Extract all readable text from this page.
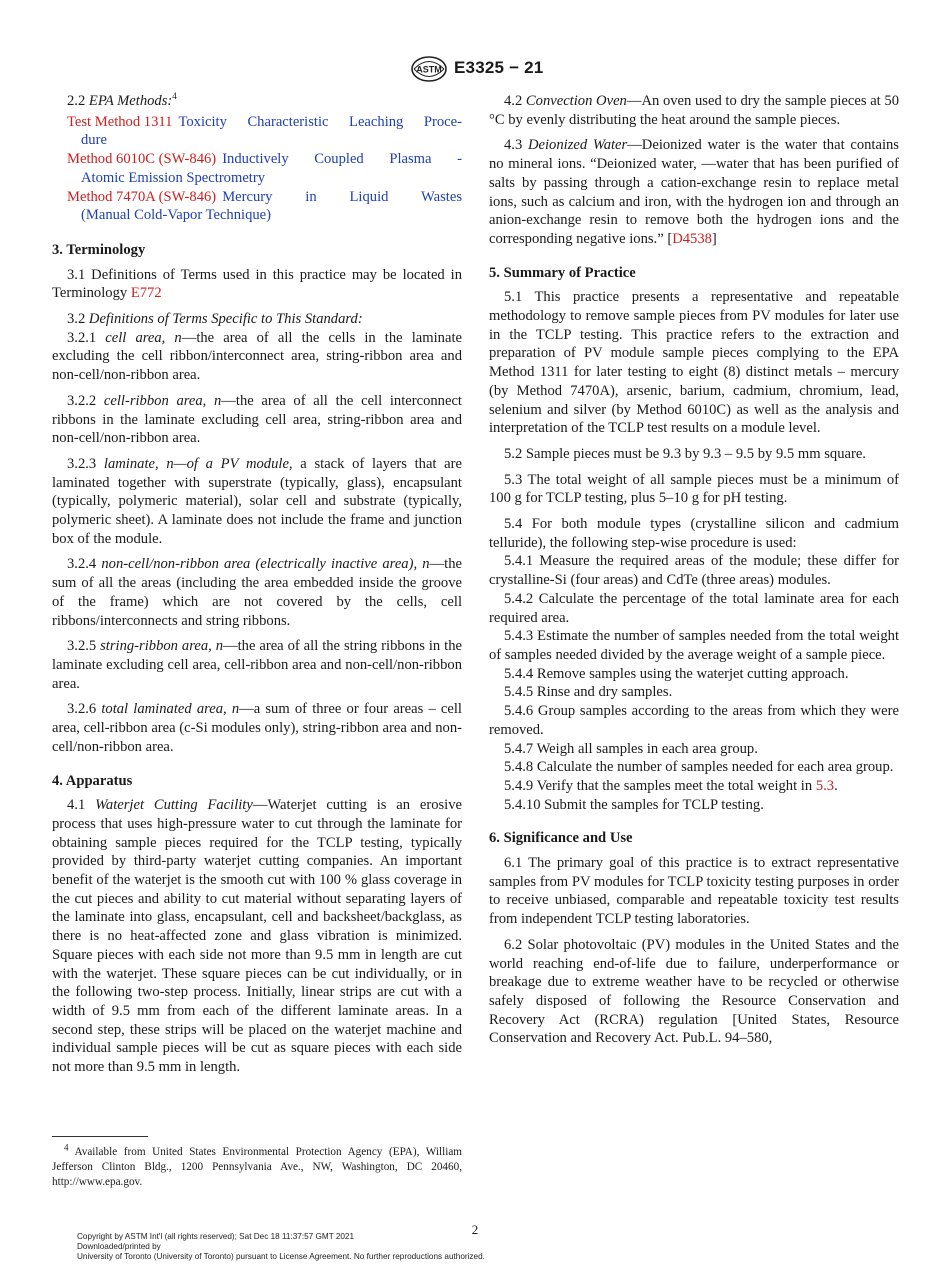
ASTM E3325 − 21

2.2 EPA Methods:$^4$

Test Method 1311 Toxicity Characteristic Leaching Proce-
dure
Method 6010C (SW-846) Inductively Coupled Plasma -
Atomic Emission Spectrometry
Method 7470A (SW-846) Mercury in Liquid Wastes
(Manual Cold-Vapor Technique)
3. Terminology

3.1 Definitions of Terms used in this practice may be located in Terminology E772

3.2 Definitions of Terms Specific to This Standard:

3.2.1 cell area, n—the area of all the cells in the laminate excluding the cell ribbon/interconnect area, string-ribbon area and non-cell/non-ribbon area.

3.2.2 cell-ribbon area, n—the area of all the cell interconnect ribbons in the laminate excluding cell area, string-ribbon area and non-cell/non-ribbon area.

3.2.3 laminate, n—of a PV module, a stack of layers that are laminated together with superstrate (typically, glass), encapsulant (typically, polymeric material), solar cell and substrate (typically, polymeric sheet). A laminate does not include the frame and junction box of the module.

3.2.4 non-cell/non-ribbon area (electrically inactive area), n—the sum of all the areas (including the area embedded inside the groove of the frame) which are not covered by the cells, cell ribbons/interconnects and string ribbons.

3.2.5 string-ribbon area, n—the area of all the string ribbons in the laminate excluding cell area, cell-ribbon area and non-cell/non-ribbon area.

3.2.6 total laminated area, n—a sum of three or four areas – cell area, cell-ribbon area (c-Si modules only), string-ribbon area and non-cell/non-ribbon area.

4. Apparatus

4.1 Waterjet Cutting Facility—Waterjet cutting is an erosive process that uses high-pressure water to cut through the laminate for obtaining sample pieces required for the TCLP testing, typically provided by third-party waterjet cutting companies. An important benefit of the waterjet is the smooth cut with 100 % glass coverage in the cut pieces and ability to cut material without separating layers of the laminate into glass, encapsulant, cell and backsheet/backglass, as there is no heat-affected zone and glass vibration is minimized. Square pieces with each side not more than 9.5 mm in length are cut with the waterjet. These square pieces can be cut individually, or in the following two-step process. Initially, linear strips are cut with a width of 9.5 mm from each of the different laminate areas. In a second step, these strips will be placed on the waterjet machine and individual sample pieces will be cut as square pieces with each side not more than 9.5 mm in length.

4.2 Convection Oven—An oven used to dry the sample pieces at 50 °C by evenly distributing the heat around the sample pieces.

4.3 Deionized Water—Deionized water is the water that contains no mineral ions. “Deionized water, —water that has been purified of salts by passing through a cation-exchange resin to replace metal ions, such as calcium and iron, with the hydrogen ion and through an anion-exchange resin to remove both the hydrogen ions and the corresponding negative ions.” [D4538]

5. Summary of Practice

5.1 This practice presents a representative and repeatable methodology to remove sample pieces from PV modules for later use in the TCLP testing. This practice refers to the extraction and preparation of PV module sample pieces complying to the EPA Method 1311 for later testing to eight (8) distinct metals – mercury (by Method 7470A), arsenic, barium, cadmium, chromium, lead, selenium and silver (by Method 6010C) as well as the analysis and interpretation of the TCLP test results on a module level.

5.2 Sample pieces must be 9.3 by 9.3 – 9.5 by 9.5 mm square.

5.3 The total weight of all sample pieces must be a minimum of 100 g for TCLP testing, plus 5–10 g for pH testing.

5.4 For both module types (crystalline silicon and cadmium telluride), the following step-wise procedure is used:

5.4.1 Measure the required areas of the module; these differ for crystalline-Si (four areas) and CdTe (three areas) modules.

5.4.2 Calculate the percentage of the total laminate area for each required area.

5.4.3 Estimate the number of samples needed from the total weight of samples needed divided by the average weight of a sample piece.

5.4.4 Remove samples using the waterjet cutting approach.

5.4.5 Rinse and dry samples.

5.4.6 Group samples according to the areas from which they were removed.

5.4.7 Weigh all samples in each area group.

5.4.8 Calculate the number of samples needed for each area group.

5.4.9 Verify that the samples meet the total weight in 5.3.

5.4.10 Submit the samples for TCLP testing.

6. Significance and Use

6.1 The primary goal of this practice is to extract representative samples from PV modules for TCLP toxicity testing purposes in order to receive unbiased, comparable and repeatable toxicity test results from independent TCLP testing laboratories.

6.2 Solar photovoltaic (PV) modules in the United States and the world reaching end-of-life due to failure, underperformance or breakage due to extreme weather have to be recycled or otherwise safely disposed of following the Resource Conservation and Recovery Act (RCRA) regulation [United States, Resource Conservation and Recovery Act. Pub.L. 94–580,

$^4$ Available from United States Environmental Protection Agency (EPA), William Jefferson Clinton Bldg., 1200 Pennsylvania Ave., NW, Washington, DC 20460, http://www.epa.gov.
2
Copyright by ASTM Int'l (all rights reserved); Sat Dec 18 11:37:57 GMT 2021
Downloaded/printed by
University of Toronto (University of Toronto) pursuant to License Agreement. No further reproductions authorized.
